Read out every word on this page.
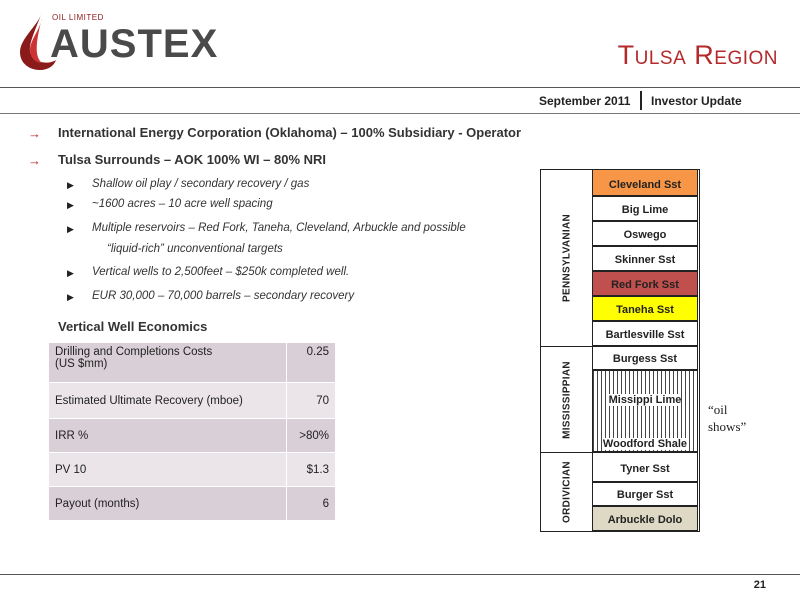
OIL LIMITED
AUSTEX	Tulsa Region
September 2011 Investor Update
→ International Energy Corporation (Oklahoma) – 100% Subsidiary - Operator
→ Tulsa Surrounds – AOK 100% WI – 80% NRI
▶ Shallow oil play / secondary recovery / gas
▶ ~1600 acres – 10 acre well spacing
▶ Multiple reservoirs – Red Fork, Taneha, Cleveland, Arbuckle and possible
“liquid-rich” unconventional targets
▶ Vertical wells to 2,500feet – $250k completed well.
▶ EUR 30,000 – 70,000 barrels – secondary recovery
Vertical Well Economics
Drilling and Completions Costs
(US $mm)	0.25
Estimated Ultimate Recovery (mboe)	70
IRR %	>80%
PV 10	$1.3
Payout (months)	6
PENNSYLVANIAN
MISSISSIPPIAN
ORDIVICIAN
Cleveland Sst
Big Lime
Oswego
Skinner Sst
Red Fork Sst
Taneha Sst
Bartlesville Sst
Burgess Sst
Missippi Lime
Woodford Shale
Tyner Sst
Burger Sst
Arbuckle Dolo
“oil
shows”
21
